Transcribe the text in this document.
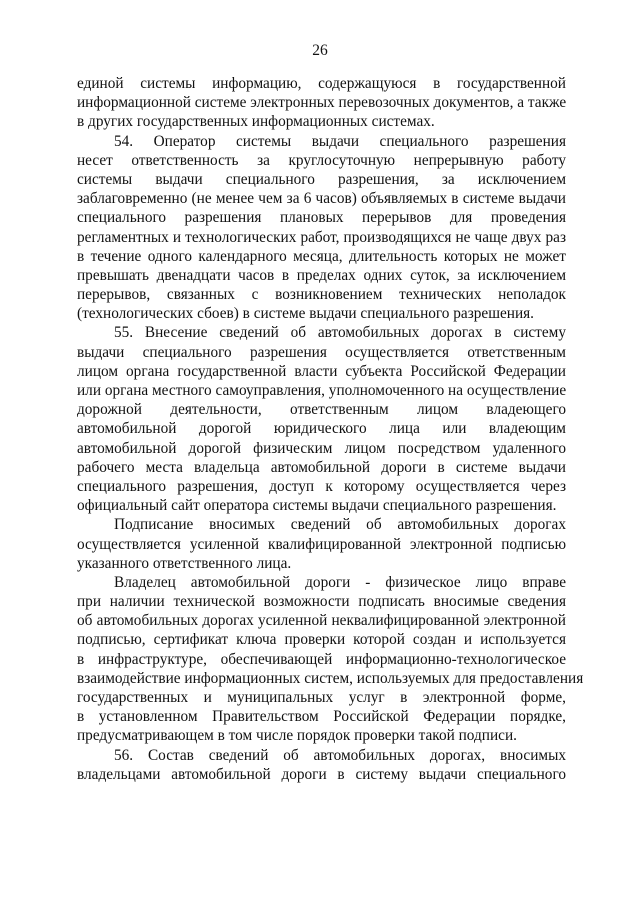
26
единой системы информацию, содержащуюся в государственной
информационной системе электронных перевозочных документов, а также
в других государственных информационных системах.
54. Оператор системы выдачи специального разрешения
несет ответственность за круглосуточную непрерывную работу
системы выдачи специального разрешения, за исключением
заблаговременно (не менее чем за 6 часов) объявляемых в системе выдачи
специального разрешения плановых перерывов для проведения
регламентных и технологических работ, производящихся не чаще двух раз
в течение одного календарного месяца, длительность которых не может
превышать двенадцати часов в пределах одних суток, за исключением
перерывов, связанных с возникновением технических неполадок
(технологических сбоев) в системе выдачи специального разрешения.
55. Внесение сведений об автомобильных дорогах в систему
выдачи специального разрешения осуществляется ответственным
лицом органа государственной власти субъекта Российской Федерации
или органа местного самоуправления, уполномоченного на осуществление
дорожной деятельности, ответственным лицом владеющего
автомобильной дорогой юридического лица или владеющим
автомобильной дорогой физическим лицом посредством удаленного
рабочего места владельца автомобильной дороги в системе выдачи
специального разрешения, доступ к которому осуществляется через
официальный сайт оператора системы выдачи специального разрешения.
Подписание вносимых сведений об автомобильных дорогах
осуществляется усиленной квалифицированной электронной подписью
указанного ответственного лица.
Владелец автомобильной дороги - физическое лицо вправе
при наличии технической возможности подписать вносимые сведения
об автомобильных дорогах усиленной неквалифицированной электронной
подписью, сертификат ключа проверки которой создан и используется
в инфраструктуре, обеспечивающей информационно-технологическое
взаимодействие информационных систем, используемых для предоставления
государственных и муниципальных услуг в электронной форме,
в установленном Правительством Российской Федерации порядке,
предусматривающем в том числе порядок проверки такой подписи.
56. Состав сведений об автомобильных дорогах, вносимых
владельцами автомобильной дороги в систему выдачи специального
